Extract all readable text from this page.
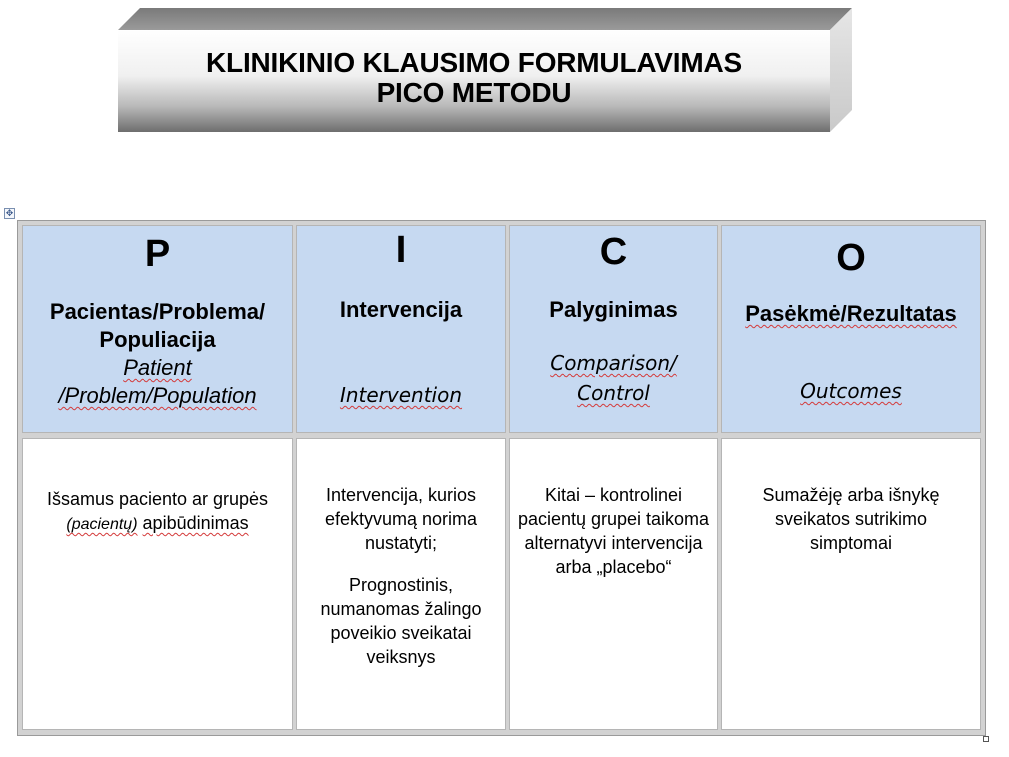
KLINIKINIO KLAUSIMO FORMULAVIMAS
PICO METODU
✥
P
Pacientas/Problema/
Populiacija
Patient
/Problem/Population
I
Intervencija
Intervention
C
Palyginimas
Comparison/
Control
O
Pasėkmė/Rezultatas
Outcomes
Išsamus paciento ar grupės (pacientų) apibūdinimas
Intervencija, kurios efektyvumą norima nustatyti;
Prognostinis, numanomas žalingo poveikio sveikatai veiksnys
Kitai – kontrolinei pacientų grupei taikoma alternatyvi intervencija arba „placebo“
Sumažėję arba išnykę sveikatos sutrikimo simptomai
